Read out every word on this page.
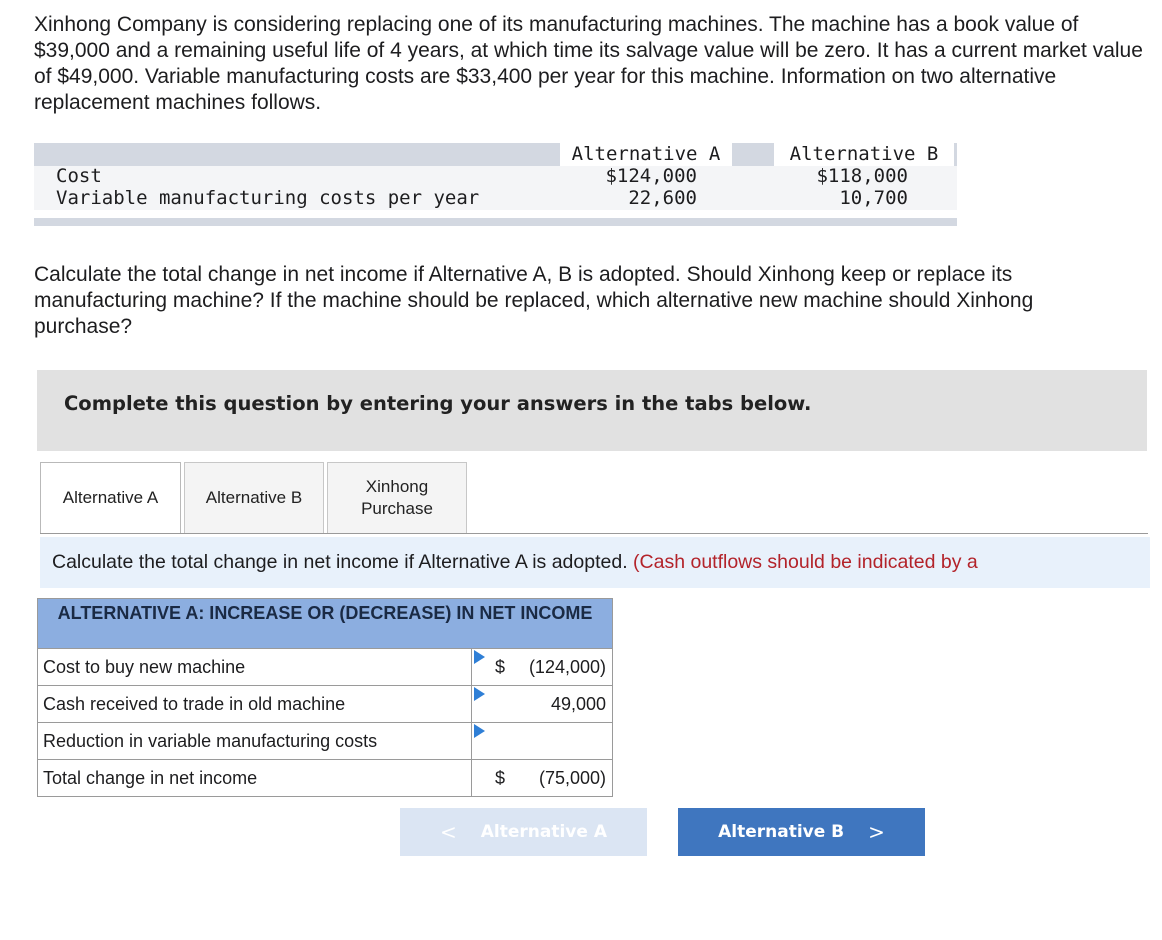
Xinhong Company is considering replacing one of its manufacturing machines. The machine has a book value of $39,000 and a remaining useful life of 4 years, at which time its salvage value will be zero. It has a current market value of $49,000. Variable manufacturing costs are $33,400 per year for this machine. Information on two alternative replacement machines follows.

Alternative A	Alternative B
Cost	$124,000	$118,000
Variable manufacturing costs per year	22,600	10,700

Calculate the total change in net income if Alternative A, B is adopted. Should Xinhong keep or replace its manufacturing machine? If the machine should be replaced, which alternative new machine should Xinhong purchase?

Complete this question by entering your answers in the tabs below.
Alternative A	Alternative B
Xinhong Purchase
Calculate the total change in net income if Alternative A is adopted. (Cash outflows should be indicated by a
ALTERNATIVE A: INCREASE OR (DECREASE) IN NET INCOME
Cost to buy new machine	$ (124,000)
Cash received to trade in old machine	49,000
Reduction in variable manufacturing costs
Total change in net income	$ (75,000)
< Alternative A	Alternative B >
